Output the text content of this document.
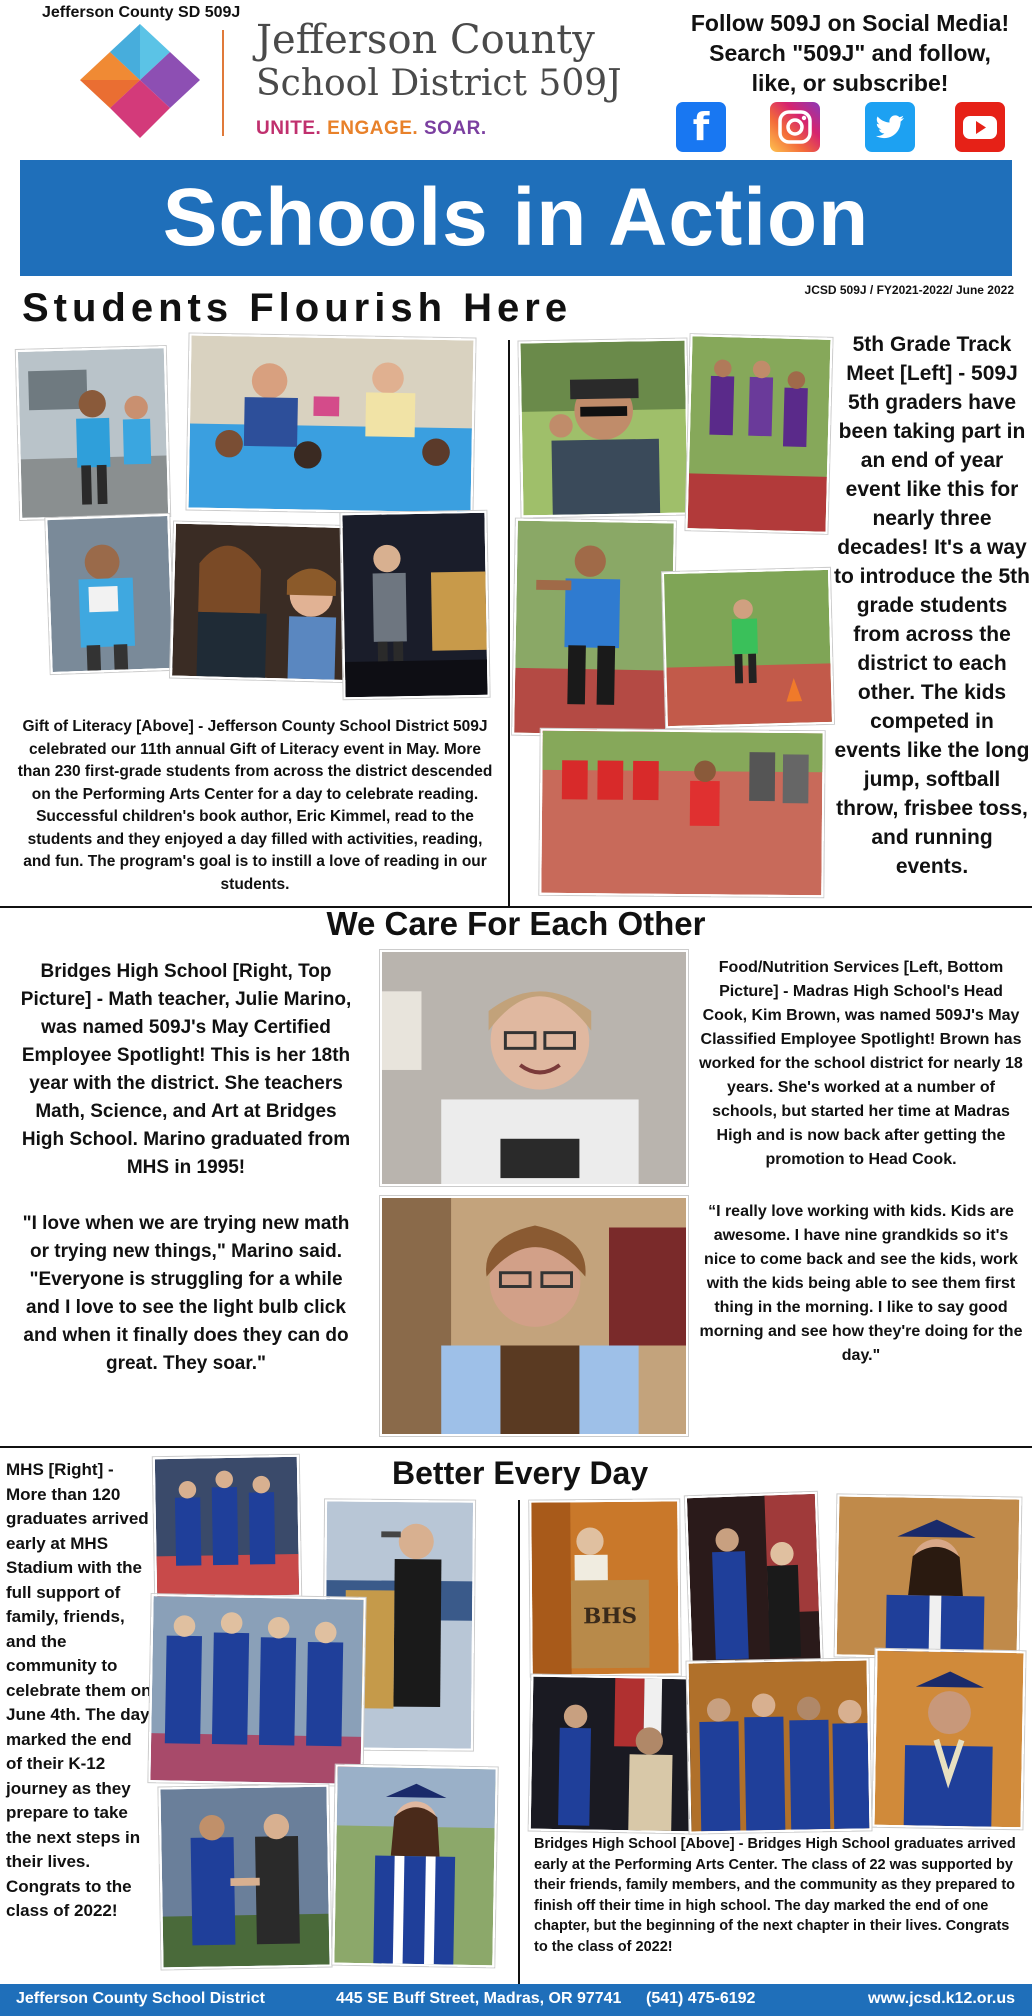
Jefferson County SD 509J
Jefferson County
School District 509J
UNITE. ENGAGE. SOAR.
Follow 509J on Social Media!
Search "509J" and follow,
like, or subscribe!
f
Schools in Action
JCSD 509J / FY2021-2022/ June 2022
Students Flourish Here
Gift of Literacy [Above] - Jefferson County School District 509J celebrated our 11th annual Gift of Literacy event in May. More than 230 first-grade students from across the district descended on the Performing Arts Center for a day to celebrate reading. Successful children's book author, Eric Kimmel, read to the students and they enjoyed a day filled with activities, reading, and fun. The program's goal is to instill a love of reading in our students.
5th Grade Track Meet [Left] - 509J 5th graders have been taking part in an end of year event like this for nearly three decades! It's a way to introduce the 5th grade students from across the district to each other. The kids competed in events like the long jump, softball throw, frisbee toss, and running events.
We Care For Each Other
Bridges High School [Right, Top Picture] - Math teacher, Julie Marino, was named 509J's May Certified Employee Spotlight! This is her 18th year with the district. She teachers Math, Science, and Art at Bridges High School. Marino graduated from MHS in 1995!
"I love when we are trying new math or trying new things," Marino said. "Everyone is struggling for a while and I love to see the light bulb click and when it finally does they can do great. They soar."
Food/Nutrition Services [Left, Bottom Picture] - Madras High School's Head Cook, Kim Brown, was named 509J's May Classified Employee Spotlight! Brown has worked for the school district for nearly 18 years. She's worked at a number of schools, but started her time at Madras High and is now back after getting the promotion to Head Cook.
“I really love working with kids. Kids are awesome. I have nine grandkids so it's nice to come back and see the kids, work with the kids being able to see them first thing in the morning. I like to say good morning and see how they're doing for the day."
Better Every Day
MHS [Right] - More than 120 graduates arrived early at MHS Stadium with the full support of family, friends, and the community to celebrate them on June 4th. The day marked the end of their K-12 journey as they prepare to take the next steps in their lives. Congrats to the class of 2022!
BHS
Bridges High School [Above] - Bridges High School graduates arrived early at the Performing Arts Center. The class of 22 was supported by their friends, family members, and the community as they prepared to finish off their time in high school. The day marked the end of one chapter, but the beginning of the next chapter in their lives. Congrats to the class of 2022!
Jefferson County School District	445 SE Buff Street, Madras, OR 97741 (541) 475-6192	www.jcsd.k12.or.us
